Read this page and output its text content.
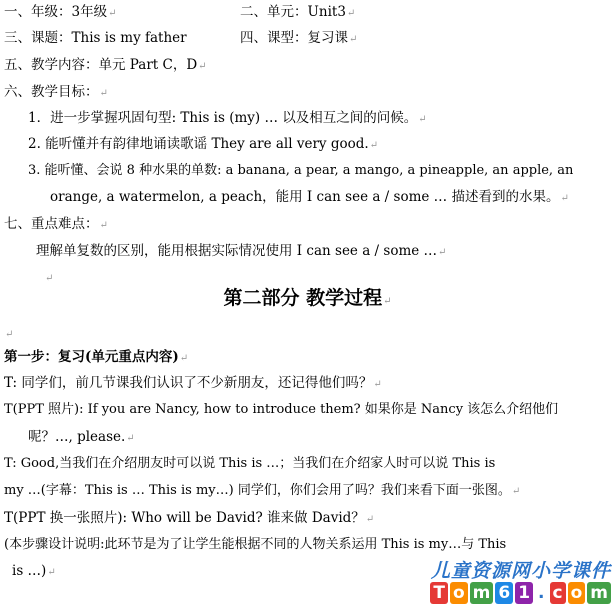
一、年级：3年级↵	二、单元：Unit3↵
三、课题：This is my father	四、课型：复习课↵
五、教学内容：单元 Part C，D↵
六、教学目标：↵
1．进一步掌握巩固句型: This is (my) … 以及相互之间的问候。↵
2. 能听懂并有韵律地诵读歌谣 They are all very good.↵
3. 能听懂、会说 8 种水果的单数: a banana, a pear, a mango, a pineapple, an apple, an
orange, a watermelon, a peach，能用 I can see a / some … 描述看到的水果。↵
七、重点难点：↵
理解单复数的区别，能用根据实际情况使用 I can see a / some …↵
↵
第二部分 教学过程↵
↵
第一步：复习(单元重点内容)↵
T: 同学们，前几节课我们认识了不少新朋友，还记得他们吗？↵
T(PPT 照片): If you are Nancy, how to introduce them? 如果你是 Nancy 该怎么介绍他们
呢？…, please.↵
T: Good,当我们在介绍朋友时可以说 This is …；当我们在介绍家人时可以说 This is
my …(字幕：This is … This is my…) 同学们，你们会用了吗？我们来看下面一张图。↵
T(PPT 换一张照片): Who will be David? 谁来做 David？↵
(本步骤设计说明:此环节是为了让学生能根据不同的人物关系运用 This is my…与 This
is …)↵	儿童资源网小学课件
T o m 6 1 . c o m
